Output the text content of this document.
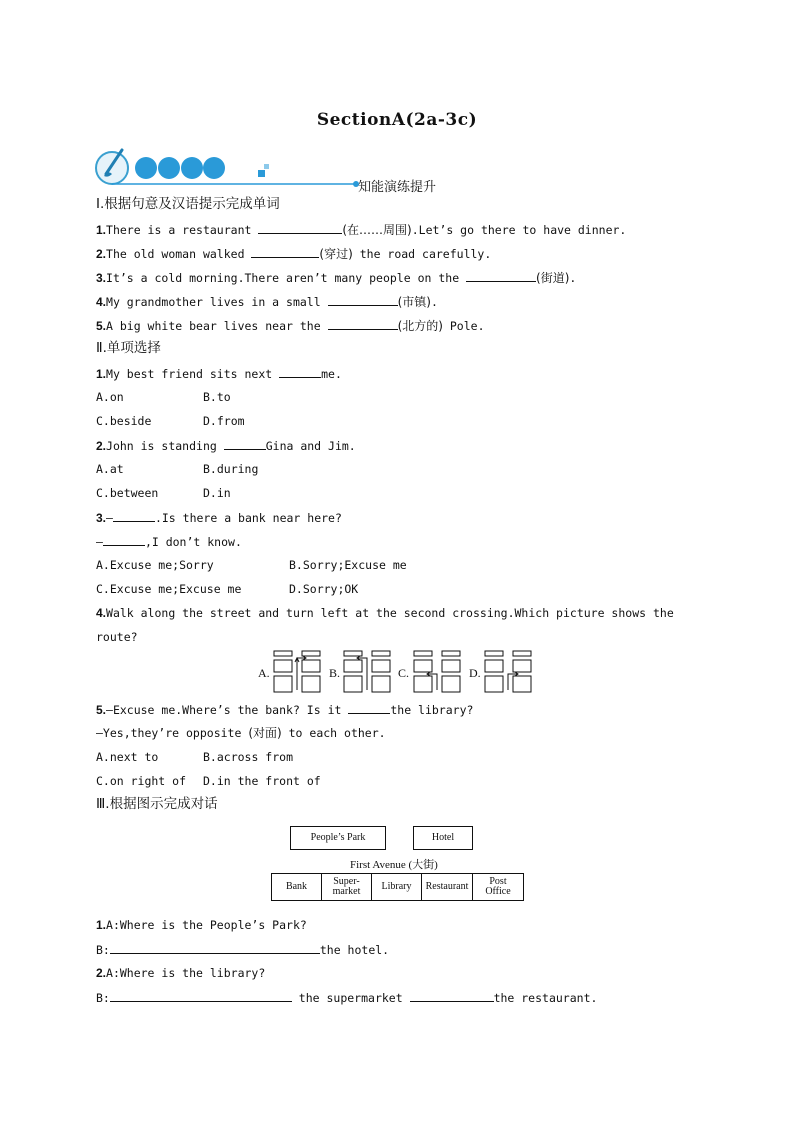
SectionA(2a-3c)
知能演练提升
Ⅰ.根据句意及汉语提示完成单词
1.There is a restaurant	(在……周围).Let’s go there to have dinner.
2.The old woman walked	(穿过) the road carefully.
3.It’s a cold morning.There aren’t many people on the	(街道).
4.My grandmother lives in a small	(市镇).
5.A big white bear lives near the	(北方的) Pole.
Ⅱ.单项选择
1.My best friend sits next	me.
A.on	B.to
C.beside	D.from
2.John is standing	Gina and Jim.
A.at	B.during
C.between	D.in
3.—	.Is there a bank near here?
—	,I don’t know.
A.Excuse me;Sorry	B.Sorry;Excuse me
C.Excuse me;Excuse me	D.Sorry;OK
4.Walk along the street and turn left at the second crossing.Which picture shows the
route?
A.	B.	C.	D.
5.—Excuse me.Where’s the bank? Is it	the library?
—Yes,they’re opposite (对面) to each other.
A.next to	B.across from
C.on right of D.in the front of
Ⅲ.根据图示完成对话
People’s Park	Hotel
First Avenue (大街)
Bank	Super-
market	Library	Restaurant	Post
Office
1.A:Where is the People’s Park?
B:	the hotel.
2.A:Where is the library?
B:	the supermarket	the restaurant.
